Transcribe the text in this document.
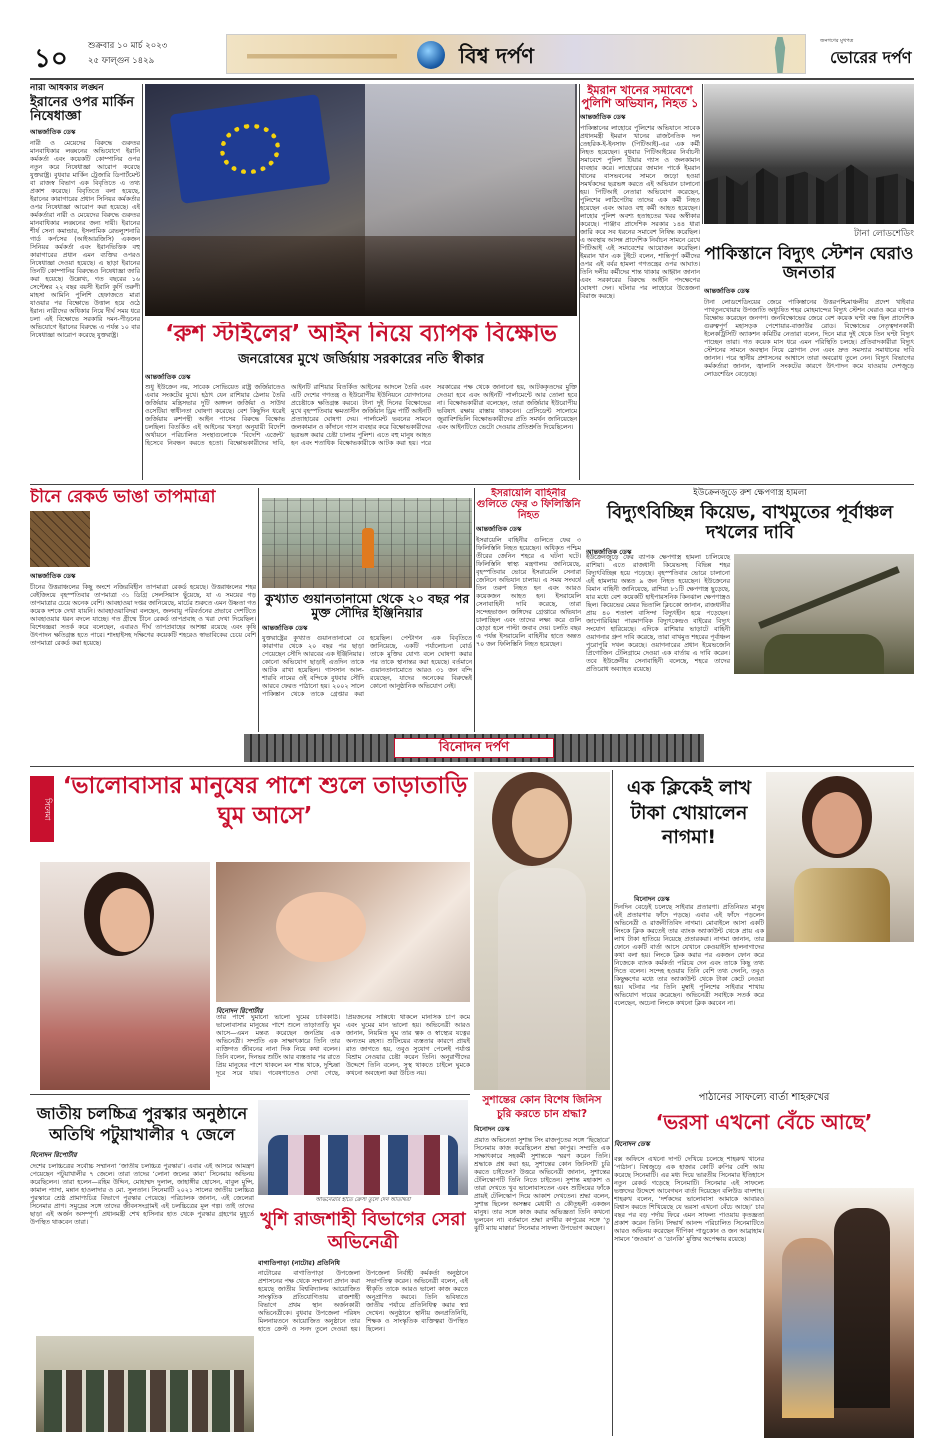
১০ শুক্রবার ১০ মার্চ ২০২৩
২৫ ফাল্গুন ১৪২৯	বিশ্ব দর্পণ
জনগণের মুখপত্র
ভোরের দর্পণ
নারী অধিকার লঙ্ঘন
ইরানের ওপর মার্কিন নিষেধাজ্ঞা
আন্তর্জাতিক ডেস্ক
নারী ও মেয়েদের বিরুদ্ধে গুরুতর মানবাধিকার লঙ্ঘনের অভিযোগে ইরানি কর্মকর্তা এবং কয়েকটি কোম্পানির ওপর নতুন করে নিষেধাজ্ঞা আরোপ করেছে যুক্তরাষ্ট্র। বুধবার মার্কিন ট্রেজারি ডিপার্টমেন্ট বা রাজস্ব বিভাগ এক বিবৃতিতে এ তথ্য প্রকাশ করেছে। বিবৃতিতে বলা হয়েছে, ইরানের কারাগারের প্রধান সিনিয়র কর্মকর্তার ওপর নিষেধাজ্ঞা আরোপ করা হয়েছে। এই কর্মকর্তারা নারী ও মেয়েদের বিরুদ্ধে গুরুতর মানবাধিকার লঙ্ঘনের জন্য দায়ী। ইরানের শীর্ষ সেনা কমান্ডার, ইসলামিক রেভল্যুশনারি গার্ড কর্পসের (আইআরজিসি) একজন সিনিয়র কর্মকর্তা এবং ইরানভিত্তিক বহু কারাগারের প্রধান এমন ব্যক্তির ওপরও নিষেধাজ্ঞা দেওয়া হয়েছে। এ ছাড়া ইরানের তিনটি কোম্পানির বিরুদ্ধেও নিষেধাজ্ঞা জারি করা হয়েছে। উল্লেখ্য, গত বছরের ১৬ সেপ্টেম্বর ২২ বছর বয়সী ইরানি কুর্দি তরুণী মাহসা আমিনি পুলিশি হেফাজতে মারা যাওয়ার পর বিক্ষোভে উত্তাল হয়ে ওঠে ইরান। নারীদের অধিকার নিয়ে দীর্ঘ সময় ধরে চলা এই বিক্ষোভে সরকারি দমন-পীড়নের অভিযোগে ইরানের বিরুদ্ধে এ পর্যন্ত ১০ বার নিষেধাজ্ঞা আরোপ করেছে যুক্তরাষ্ট্র।	‘রুশ স্টাইলের’ আইন নিয়ে ব্যাপক বিক্ষোভ
জনরোষের মুখে জর্জিয়ায় সরকারের নতি স্বীকার
আন্তর্জাতিক ডেস্ক
শুধু ইউক্রেন নয়, সাবেক সোভিয়েত রাষ্ট্র জর্জিয়াতেও এবার সংকটের মুখে। হঠাৎ যেন রাশিয়ার ঠেলায় তৈরি জর্জিয়ায় মন্ত্রিসভার দুটি অঙ্গদল জর্জিয়া ও সাউথ ওসেটিয়া স্বাধীনতা ঘোষণা করেছে। বেশ কিছুদিন ধরেই জর্জিয়ায় রুশপন্থী আইন পাসের বিরুদ্ধে বিক্ষোভ চলছিল। বিতর্কিত এই আইনের খসড়া অনুযায়ী বিদেশি অর্থায়নে পরিচালিত সংস্থাগুলোকে ‘বিদেশি এজেন্ট’ হিসেবে নিবন্ধন করতে হতো। বিক্ষোভকারীদের দাবি, আইনটি রাশিয়ার বিতর্কিত আইনের আদলে তৈরি এবং এটি দেশের গণতন্ত্র ও ইউরোপীয় ইউনিয়নে যোগদানের প্রচেষ্টাকে ক্ষতিগ্রস্ত করবে। টানা দুই দিনের বিক্ষোভের মুখে বৃহস্পতিবার ক্ষমতাসীন জর্জিয়ান ড্রিম পার্টি আইনটি প্রত্যাহারের ঘোষণা দেয়। পার্লামেন্ট ভবনের সামনে জলকামান ও কাঁদানে গ্যাস ব্যবহার করে বিক্ষোভকারীদের ছত্রভঙ্গ করার চেষ্টা চালায় পুলিশ। এতে বহু মানুষ আহত হন এবং শতাধিক বিক্ষোভকারীকে আটক করা হয়। পরে সরকারের পক্ষ থেকে জানানো হয়, আটককৃতদের মুক্তি দেওয়া হবে এবং আইনটি পার্লামেন্টে আর তোলা হবে না। বিক্ষোভকারীরা বলেছেন, তারা জর্জিয়ার ইউরোপীয় ভবিষ্যৎ রক্ষায় রাস্তায় থাকবেন। প্রেসিডেন্ট সালোমে জুরাবিশভিলি বিক্ষোভকারীদের প্রতি সমর্থন জানিয়েছেন এবং আইনটিতে ভেটো দেওয়ার প্রতিশ্রুতি দিয়েছিলেন।
ইমরান খানের সমাবেশে পুলিশি অভিযান, নিহত ১
আন্তর্জাতিক ডেস্ক
পাকিস্তানের লাহোরে পুলিশের অভিযানে সাবেক প্রধানমন্ত্রী ইমরান খানের রাজনৈতিক দল তেহরিক-ই-ইনসাফ (পিটিআই)-এর এক কর্মী নিহত হয়েছেন। বুধবার পিটিআইয়ের নির্বাচনী সমাবেশে পুলিশ টিয়ার গ্যাস ও জলকামান ব্যবহার করে। লাহোরের জামান পার্কে ইমরান খানের বাসভবনের সামনে জড়ো হওয়া সমর্থকদের ছত্রভঙ্গ করতে এই অভিযান চালানো হয়। পিটিআই নেতারা অভিযোগ করেছেন, পুলিশের লাঠিপেটায় তাদের এক কর্মী নিহত হয়েছেন এবং আরও বহু কর্মী আহত হয়েছেন। লাহোর পুলিশ অবশ্য হতাহতের খবর অস্বীকার করেছে। পাঞ্জাব প্রাদেশিক সরকার ১৪৪ ধারা জারি করে সব ধরনের সমাবেশ নিষিদ্ধ করেছিল। এ অবস্থায় আসন্ন প্রাদেশিক নির্বাচন সামনে রেখে পিটিআই এই সমাবেশের আয়োজন করেছিল। ইমরান খান এক টুইটে বলেন, শান্তিপূর্ণ কর্মীদের ওপর এই বর্বর হামলা গণতন্ত্রের ওপর আঘাত। তিনি দলীয় কর্মীদের শান্ত থাকার আহ্বান জানান এবং সরকারের বিরুদ্ধে আইনি পদক্ষেপের ঘোষণা দেন। ঘটনার পর লাহোরে উত্তেজনা বিরাজ করছে।
টানা লোডশেডিং
পাকিস্তানে বিদ্যুৎ স্টেশন ঘেরাও জনতার
আন্তর্জাতিক ডেস্ক
টানা লোডশেডিংয়ের জেরে পাকিস্তানের উত্তরপশ্চিমাঞ্চলীয় প্রদেশ খাইবার পাখতুনখোয়ায় উপজাতি অধ্যুষিত শহর মোহমান্দের বিদ্যুৎ স্টেশন ঘেরাও করে ব্যাপক বিক্ষোভ করেছেন জনগণ। জনবিক্ষোভের জেরে বেশ কয়েক ঘণ্টা বন্ধ ছিল প্রাদেশিক গুরুত্বপূর্ণ মহাসড়ক পেশোয়ার-বাজাউর রোড। বিক্ষোভের নেতৃত্বদানকারী ইলেকট্রিসিটি অ্যাকশন কমিটির নেতারা বলেন, দিনে মাত্র দুই থেকে তিন ঘণ্টা বিদ্যুৎ পাচ্ছেন তারা। গত কয়েক মাস ধরে এমন পরিস্থিতি চলছে। প্রতিবাদকারীরা বিদ্যুৎ স্টেশনের সামনে অবস্থান নিয়ে স্লোগান দেন এবং দ্রুত সমস্যার সমাধানের দাবি জানান। পরে স্থানীয় প্রশাসনের আশ্বাসে তারা অবরোধ তুলে নেন। বিদ্যুৎ বিভাগের কর্মকর্তারা জানান, জ্বালানি সংকটের কারণে উৎপাদন কমে যাওয়ায় দেশজুড়ে লোডশেডিং বেড়েছে।
চীনে রেকর্ড ভাঙা তাপমাত্রা
আন্তর্জাতিক ডেস্ক
চীনের উত্তরাঞ্চলের কিছু অংশে নজিরবিহীন তাপমাত্রা রেকর্ড হয়েছে। উত্তরাঞ্চলের শহর বেইজিংয়ে বৃহস্পতিবার তাপমাত্রা ৩১ ডিগ্রি সেলসিয়াস ছুঁয়েছে, যা এ সময়ের গড় তাপমাত্রার চেয়ে অনেক বেশি। আবহাওয়া দপ্তর জানিয়েছে, মার্চের শুরুতে এমন উষ্ণতা গত কয়েক দশকে দেখা যায়নি। আবহাওয়াবিদরা বলছেন, জলবায়ু পরিবর্তনের প্রভাবে দেশটিতে আবহাওয়ার ধরন বদলে যাচ্ছে। গত গ্রীষ্মে চীনে রেকর্ড তাপপ্রবাহ ও খরা দেখা দিয়েছিল। বিশেষজ্ঞরা সতর্ক করে বলেছেন, এবারও দীর্ঘ তাপপ্রবাহের আশঙ্কা রয়েছে এবং কৃষি উৎপাদন ক্ষতিগ্রস্ত হতে পারে। শাংহাইসহ দক্ষিণের কয়েকটি শহরেও স্বাভাবিকের চেয়ে বেশি তাপমাত্রা রেকর্ড করা হয়েছে।
কুখ্যাত গুয়ানতানামো থেকে ২০ বছর পর মুক্ত সৌদির ইঞ্জিনিয়ার
আন্তর্জাতিক ডেস্ক
যুক্তরাষ্ট্রের কুখ্যাত গুয়ানতানামো বে কারাগার থেকে ২০ বছর পর ছাড়া পেয়েছেন সৌদি আরবের এক ইঞ্জিনিয়ার। কোনো অভিযোগ ছাড়াই এতদিন তাকে আটক রাখা হয়েছিল। গাসসান আল-শারবি নামের ওই বন্দিকে বুধবার সৌদি আরবে ফেরত পাঠানো হয়। ২০০২ সালে পাকিস্তান থেকে তাকে গ্রেপ্তার করা হয়েছিল। পেন্টাগন এক বিবৃতিতে জানিয়েছে, একটি পর্যালোচনা বোর্ড তাকে মুক্তির যোগ্য বলে ঘোষণা করার পর তাকে স্থানান্তর করা হয়েছে। বর্তমানে গুয়ানতানামোতে আরও ৩১ জন বন্দি রয়েছেন, যাদের অনেকের বিরুদ্ধেই কোনো আনুষ্ঠানিক অভিযোগ নেই।
ইসরায়েলি বাহিনীর গুলিতে ফের ৩ ফিলিস্তিনি নিহত
আন্তর্জাতিক ডেস্ক
ইসরায়েলি বাহিনীর গুলিতে ফের ৩ ফিলিস্তিনি নিহত হয়েছেন। অধিকৃত পশ্চিম তীরের জেনিন শহরে এ ঘটনা ঘটে। ফিলিস্তিনি স্বাস্থ্য মন্ত্রণালয় জানিয়েছে, বৃহস্পতিবার ভোরে ইসরায়েলি সেনারা জেনিনে অভিযান চালায়। এ সময় সংঘর্ষে তিন তরুণ নিহত হন এবং আরও কয়েকজন আহত হন। ইসরায়েলি সেনাবাহিনী দাবি করেছে, তারা সন্দেহভাজন জঙ্গিদের গ্রেপ্তারে অভিযান চালাচ্ছিল এবং তাদের লক্ষ্য করে গুলি ছোড়া হলে পাল্টা জবাব দেয়। চলতি বছর এ পর্যন্ত ইসরায়েলি বাহিনীর হাতে অন্তত ৭০ জন ফিলিস্তিনি নিহত হয়েছেন।
ইউক্রেনজুড়ে রুশ ক্ষেপণাস্ত্র হামলা
বিদ্যুৎবিচ্ছিন্ন কিয়েভ, বাখমুতের পূর্বাঞ্চল দখলের দাবি
আন্তর্জাতিক ডেস্ক
ইউক্রেনজুড়ে ফের ব্যাপক ক্ষেপণাস্ত্র হামলা চালিয়েছে রাশিয়া। এতে রাজধানী কিয়েভসহ বিভিন্ন শহর বিদ্যুৎবিচ্ছিন্ন হয়ে পড়েছে। বৃহস্পতিবার ভোরে চালানো এই হামলায় অন্তত ৯ জন নিহত হয়েছেন। ইউক্রেনের বিমান বাহিনী জানিয়েছে, রাশিয়া ৮১টি ক্ষেপণাস্ত্র ছুড়েছে, যার মধ্যে বেশ কয়েকটি হাইপারসনিক কিনঝাল ক্ষেপণাস্ত্রও ছিল। কিয়েভের মেয়র ভিতালি ক্লিচকো জানান, রাজধানীর প্রায় ৪০ শতাংশ বাসিন্দা বিদ্যুৎহীন হয়ে পড়েছেন। জাপোরিঝিয়া পারমাণবিক বিদ্যুৎকেন্দ্রও বাইরের বিদ্যুৎ সংযোগ হারিয়েছে। এদিকে রাশিয়ার ভাড়াটে বাহিনী ওয়াগনার গ্রুপ দাবি করেছে, তারা বাখমুত শহরের পূর্বাঞ্চল পুরোপুরি দখল করেছে। ওয়াগনারের প্রধান ইয়েভজেনি প্রিগোজিন টেলিগ্রামে দেওয়া এক বার্তায় এ দাবি করেন। তবে ইউক্রেনীয় সেনাবাহিনী বলেছে, শহরে তাদের প্রতিরোধ অব্যাহত রয়েছে।
বিনোদন দর্পণ
সিনেমা
‘ভালোবাসার মানুষের পাশে শুলে তাড়াতাড়ি ঘুম আসে’
বিনোদন রিপোর্টার
তার পাশে ঘুমানো ভালো ঘুমের চাবিকাঠি। ভালোবাসার মানুষের পাশে শুলে তাড়াতাড়ি ঘুম আসে—এমন মন্তব্য করেছেন জনপ্রিয় এক অভিনেত্রী। সম্প্রতি এক সাক্ষাৎকারে তিনি তার ব্যক্তিগত জীবনের নানা দিক নিয়ে কথা বলেন। তিনি বলেন, দিনভর শুটিং আর ব্যস্ততার পর রাতে প্রিয় মানুষের পাশে থাকলে মন শান্ত থাকে, দুশ্চিন্তা দূরে সরে যায়। গবেষণাতেও দেখা গেছে, প্রিয়জনের সান্নিধ্যে থাকলে মানসিক চাপ কমে এবং ঘুমের মান ভালো হয়। অভিনেত্রী আরও জানান, নিয়মিত ঘুম তার ত্বক ও স্বাস্থ্যের যত্নের অন্যতম রহস্য। শুটিংয়ের ব্যস্ততার কারণে প্রায়ই রাত জাগতে হয়, তবুও সুযোগ পেলেই পর্যাপ্ত বিশ্রাম নেওয়ার চেষ্টা করেন তিনি। অনুরাগীদের উদ্দেশে তিনি বলেন, সুস্থ থাকতে চাইলে ঘুমকে কখনো অবহেলা করা উচিত নয়।
এক ক্লিকেই লাখ টাকা খোয়ালেন নাগমা!
বিনোদন ডেস্ক
দিনদিন বেড়েই চলেছে সাইবার প্রতারণা। প্রতিনিয়ত মানুষ এই প্রতারণার ফাঁদে পড়ছে। এবার এই ফাঁদে পড়লেন অভিনেত্রী ও রাজনীতিবিদ নাগমা। মোবাইলে আসা একটি লিংকে ক্লিক করতেই তার ব্যাংক অ্যাকাউন্ট থেকে প্রায় এক লাখ টাকা হাতিয়ে নিয়েছে প্রতারকরা। নাগমা জানান, তার ফোনে একটি বার্তা আসে যেখানে কেওয়াইসি হালনাগাদের কথা বলা হয়। লিংকে ক্লিক করার পর একজন ফোন করে নিজেকে ব্যাংক কর্মকর্তা পরিচয় দেন এবং তাকে কিছু তথ্য দিতে বলেন। সন্দেহ হওয়ায় তিনি বেশি তথ্য দেননি, তবুও কিছুক্ষণের মধ্যে তার অ্যাকাউন্ট থেকে টাকা কেটে নেওয়া হয়। ঘটনার পর তিনি মুম্বাই পুলিশের সাইবার শাখায় অভিযোগ দায়ের করেছেন। অভিনেত্রী সবাইকে সতর্ক করে বলেছেন, অচেনা লিংকে কখনো ক্লিক করবেন না।
জাতীয় চলচ্চিত্র পুরস্কার অনুষ্ঠানে অতিথি পটুয়াখালীর ৭ জেলে
বিনোদন রিপোর্টার
দেশের চলচ্চিত্রের সর্বোচ্চ সম্মাননা ‘জাতীয় চলচ্চিত্র পুরস্কার’। এবার এই আসরে আমন্ত্রণ পেয়েছেন পটুয়াখালীর ৭ জেলে। তারা তাদের ‘লোনা জলের কাব্য’ সিনেমায় অভিনয় করেছিলেন। তারা হলেন—রহিম উদ্দিন, মোহাম্মদ দুলাল, জাহাঙ্গীর হোসেন, বাবুল মুন্সি, কামাল প্যাদা, মন্নান হাওলাদার ও মো. সুলতান। সিনেমাটি ২০২১ সালের জাতীয় চলচ্চিত্র পুরস্কারে শ্রেষ্ঠ প্রামাণ্যচিত্র বিভাগে পুরস্কার পেয়েছে। পরিচালক জানান, এই জেলেরা সিনেমার প্রাণ। সমুদ্রের সঙ্গে তাদের জীবনসংগ্রামই এই চলচ্চিত্রের মূল গল্প। তাই তাদের ছাড়া এই অর্জন অসম্পূর্ণ। প্রধানমন্ত্রী শেখ হাসিনার হাত থেকে পুরস্কার গ্রহণের মুহূর্তে উপস্থিত থাকবেন তারা।
অভিনেত্রীর হাতে ক্রেস্ট তুলে দেন অতিথিরা
খুশি রাজশাহী বিভাগের সেরা অভিনেত্রী
বাগাতিপাড়া (নাটোর) প্রতিনিধি
নাটোরের বাগাতিপাড়া উপজেলা প্রশাসনের পক্ষ থেকে সম্মাননা প্রদান করা হয়েছে জাতীয় বিশ্ববিদ্যালয় আয়োজিত সাংস্কৃতিক প্রতিযোগিতায় রাজশাহী বিভাগে প্রথম স্থান অর্জনকারী অভিনেত্রীকে। বুধবার উপজেলা পরিষদ মিলনায়তনে আয়োজিত অনুষ্ঠানে তার হাতে ক্রেস্ট ও সনদ তুলে দেওয়া হয়। উপজেলা নির্বাহী কর্মকর্তা অনুষ্ঠানে সভাপতিত্ব করেন। অভিনেত্রী বলেন, এই স্বীকৃতি তাকে আরও ভালো কাজ করতে অনুপ্রাণিত করবে। তিনি ভবিষ্যতে জাতীয় পর্যায়ে প্রতিনিধিত্ব করার স্বপ্ন দেখেন। অনুষ্ঠানে স্থানীয় জনপ্রতিনিধি, শিক্ষক ও সাংস্কৃতিক ব্যক্তিত্বরা উপস্থিত ছিলেন।
সুশান্তের কোন বিশেষ জিনিস চুরি করতে চান শ্রদ্ধা?
বিনোদন ডেস্ক
প্রয়াত অভিনেতা সুশান্ত সিং রাজপুতের সঙ্গে ‘ছিছোরে’ সিনেমায় কাজ করেছিলেন শ্রদ্ধা কাপুর। সম্প্রতি এক সাক্ষাৎকারে সহকর্মী সুশান্তকে স্মরণ করেন তিনি। শ্রদ্ধাকে প্রশ্ন করা হয়, সুশান্তের কোন জিনিসটি চুরি করতে চাইতেন? উত্তরে অভিনেত্রী জানান, সুশান্তের টেলিস্কোপটি তিনি নিতে চাইতেন। সুশান্ত মহাকাশ ও তারা দেখতে খুব ভালোবাসতেন এবং শুটিংয়ের ফাঁকে প্রায়ই টেলিস্কোপ দিয়ে আকাশ দেখতেন। শ্রদ্ধা বলেন, সুশান্ত ছিলেন অসম্ভব মেধাবী ও কৌতূহলী একজন মানুষ। তার সঙ্গে কাজ করার অভিজ্ঞতা তিনি কখনো ভুলবেন না। বর্তমানে শ্রদ্ধা রণবীর কাপুরের সঙ্গে ‘তু ঝুটি ম্যায় মাক্কার’ সিনেমার সাফল্য উপভোগ করছেন।
পাঠানের সাফল্যে বার্তা শাহরুখের
‘ভরসা এখনো বেঁচে আছে’
বিনোদন ডেস্ক
বক্স অফিসে এখনো দাপট দেখিয়ে চলেছে শাহরুখ খানের ‘পাঠান’। বিশ্বজুড়ে এক হাজার কোটি রুপির বেশি আয় করেছে সিনেমাটি। এর মধ্য দিয়ে ভারতীয় সিনেমার ইতিহাসে নতুন রেকর্ড গড়েছে সিনেমাটি। সিনেমার এই সাফল্যে ভক্তদের উদ্দেশে আবেগঘন বার্তা দিয়েছেন বলিউড বাদশাহ। শাহরুখ বলেন, ‘দর্শকদের ভালোবাসা আমাকে আবারও বিশ্বাস করতে শিখিয়েছে যে ভরসা এখনো বেঁচে আছে।’ চার বছর পর বড় পর্দায় ফিরে এমন সাফল্য পাওয়ায় কৃতজ্ঞতা প্রকাশ করেন তিনি। সিদ্ধার্থ আনন্দ পরিচালিত সিনেমাটিতে আরও অভিনয় করেছেন দীপিকা পাড়ুকোন ও জন আব্রাহাম। সামনে ‘জওয়ান’ ও ‘ডানকি’ মুক্তির অপেক্ষায় রয়েছে।
